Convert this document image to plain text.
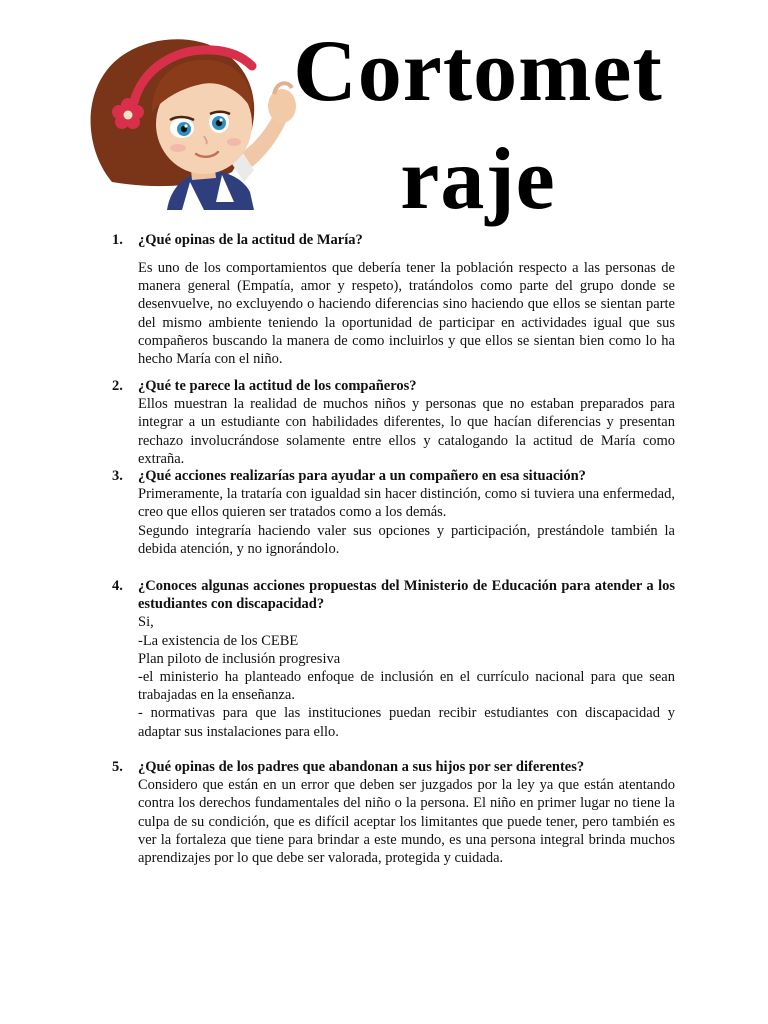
Cortometraje
1. ¿Qué opinas de la actitud de María?

Es uno de los comportamientos que debería tener la población respecto a las personas de manera general (Empatía, amor y respeto), tratándolos como parte del grupo donde se desenvuelve, no excluyendo o haciendo diferencias sino haciendo que ellos se sientan parte del mismo ambiente teniendo la oportunidad de participar en actividades igual que sus compañeros buscando la manera de como incluirlos y que ellos se sientan bien como lo ha hecho María con el niño.

2. ¿Qué te parece la actitud de los compañeros?

Ellos muestran la realidad de muchos niños y personas que no estaban preparados para integrar a un estudiante con habilidades diferentes, lo que hacían diferencias y presentan rechazo involucrándose solamente entre ellos y catalogando la actitud de María como extraña.

3. ¿Qué acciones realizarías para ayudar a un compañero en esa situación?

Primeramente, la trataría con igualdad sin hacer distinción, como si tuviera una enfermedad, creo que ellos quieren ser tratados como a los demás.

Segundo integraría haciendo valer sus opciones y participación, prestándole también la debida atención, y no ignorándolo.

4. ¿Conoces algunas acciones propuestas del Ministerio de Educación para atender a los estudiantes con discapacidad?

Si,

-La existencia de los CEBE

Plan piloto de inclusión progresiva

-el ministerio ha planteado enfoque de inclusión en el currículo nacional para que sean trabajadas en la enseñanza.

- normativas para que las instituciones puedan recibir estudiantes con discapacidad y adaptar sus instalaciones para ello.

5. ¿Qué opinas de los padres que abandonan a sus hijos por ser diferentes?

Considero que están en un error que deben ser juzgados por la ley ya que están atentando contra los derechos fundamentales del niño o la persona. El niño en primer lugar no tiene la culpa de su condición, que es difícil aceptar los limitantes que puede tener, pero también es ver la fortaleza que tiene para brindar a este mundo, es una persona integral brinda muchos aprendizajes por lo que debe ser valorada, protegida y cuidada.
